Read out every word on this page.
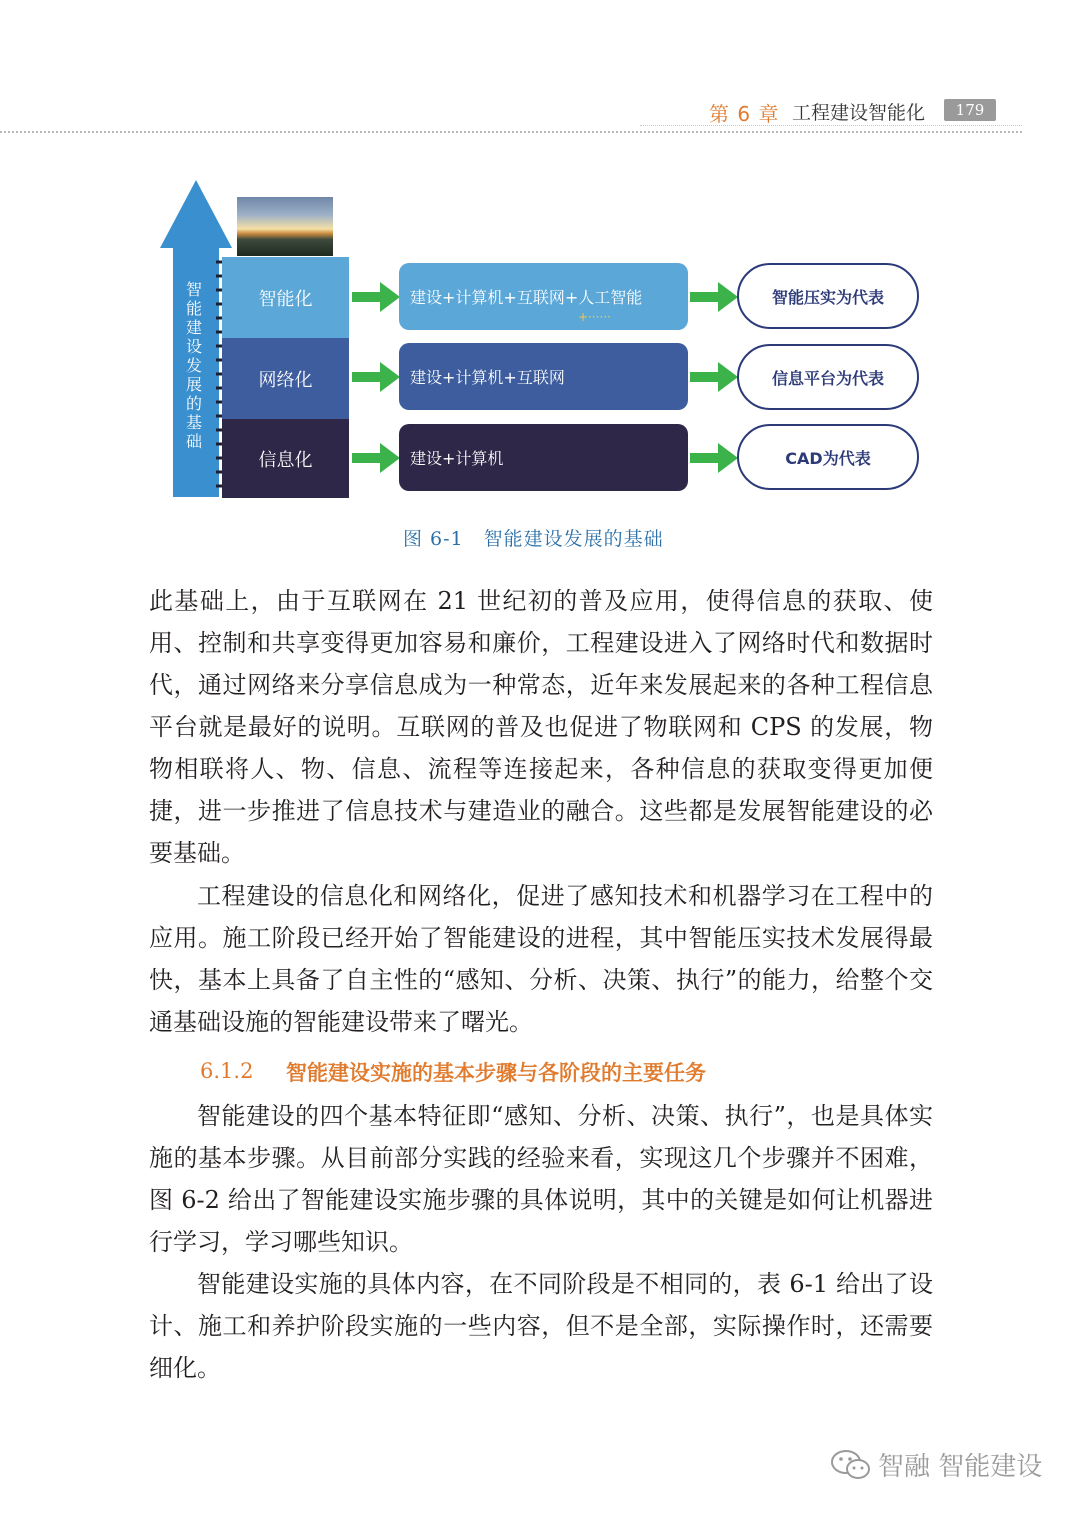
第 6 章 工程建设智能化	179
智能建设发展的基础
智能化
网络化
信息化
建设+计算机+互联网+人工智能
+······
建设+计算机+互联网
建设+计算机
智能压实为代表
信息平台为代表
CAD为代表
图 6-1　智能建设发展的基础
此基础上，由于互联网在 21 世纪初的普及应用，使得信息的获取、使用、控制和共享变得更加容易和廉价，工程建设进入了网络时代和数据时代，通过网络来分享信息成为一种常态，近年来发展起来的各种工程信息平台就是最好的说明。互联网的普及也促进了物联网和 CPS 的发展，物物相联将人、物、信息、流程等连接起来，各种信息的获取变得更加便捷，进一步推进了信息技术与建造业的融合。这些都是发展智能建设的必要基础。
工程建设的信息化和网络化，促进了感知技术和机器学习在工程中的应用。施工阶段已经开始了智能建设的进程，其中智能压实技术发展得最快，基本上具备了自主性的“感知、分析、决策、执行”的能力，给整个交通基础设施的智能建设带来了曙光。
6.1.2 智能建设实施的基本步骤与各阶段的主要任务
智能建设的四个基本特征即“感知、分析、决策、执行”，也是具体实施的基本步骤。从目前部分实践的经验来看，实现这几个步骤并不困难，图 6-2 给出了智能建设实施步骤的具体说明，其中的关键是如何让机器进行学习，学习哪些知识。
智能建设实施的具体内容，在不同阶段是不相同的，表 6-1 给出了设计、施工和养护阶段实施的一些内容，但不是全部，实际操作时，还需要细化。
智融 智能建设
